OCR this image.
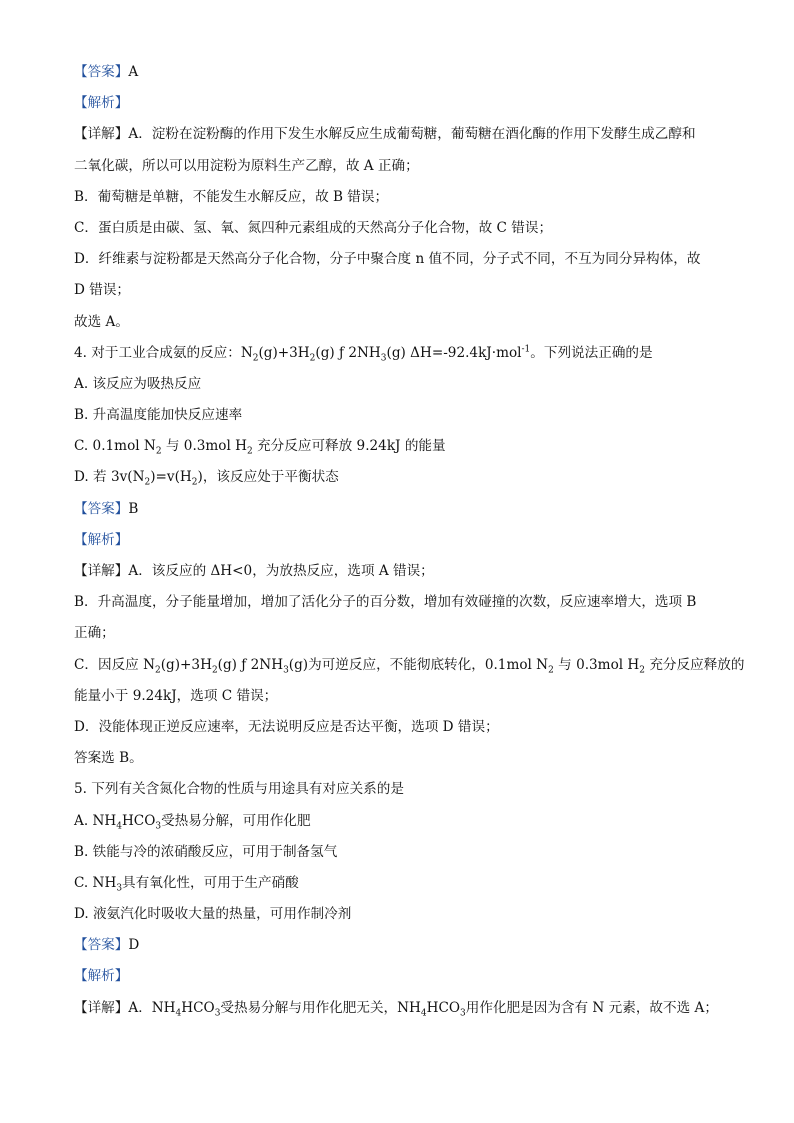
【答案】A
【解析】
【详解】A．淀粉在淀粉酶的作用下发生水解反应生成葡萄糖，葡萄糖在酒化酶的作用下发酵生成乙醇和
二氧化碳，所以可以用淀粉为原料生产乙醇，故 A 正确；
B．葡萄糖是单糖，不能发生水解反应，故 B 错误；
C．蛋白质是由碳、氢、氧、氮四种元素组成的天然高分子化合物，故 C 错误；
D．纤维素与淀粉都是天然高分子化合物，分子中聚合度 n 值不同，分子式不同，不互为同分异构体，故
D 错误；
故选 A。
4. 对于工业合成氨的反应：$N_2(g)+3H_2(g)$ ƒ $2NH_3(g)$ ΔH=-92.4kJ·mol$^{-1}$。下列说法正确的是
A. 该反应为吸热反应
B. 升高温度能加快反应速率
C. 0.1mol $N_2$ 与 0.3mol $H_2$ 充分反应可释放 9.24kJ 的能量
D. 若 $3v(N_2)=v(H_2)$，该反应处于平衡状态
【答案】B
【解析】
【详解】A．该反应的 ΔH<0，为放热反应，选项 A 错误；
B．升高温度，分子能量增加，增加了活化分子的百分数，增加有效碰撞的次数，反应速率增大，选项 B
正确；
C．因反应 $N_2(g)+3H_2(g)$ ƒ $2NH_3(g)$为可逆反应，不能彻底转化，0.1mol $N_2$ 与 0.3mol $H_2$ 充分反应释放的
能量小于 9.24kJ，选项 C 错误；
D．没能体现正逆反应速率，无法说明反应是否达平衡，选项 D 错误；
答案选 B。
5. 下列有关含氮化合物的性质与用途具有对应关系的是
A. $NH_4HCO_3$受热易分解，可用作化肥
B. 铁能与冷的浓硝酸反应，可用于制备氢气
C. $NH_3$具有氧化性，可用于生产硝酸
D. 液氨汽化时吸收大量的热量，可用作制冷剂
【答案】D
【解析】
【详解】A．$NH_4HCO_3$受热易分解与用作化肥无关，$NH_4HCO_3$用作化肥是因为含有 N 元素，故不选 A；
